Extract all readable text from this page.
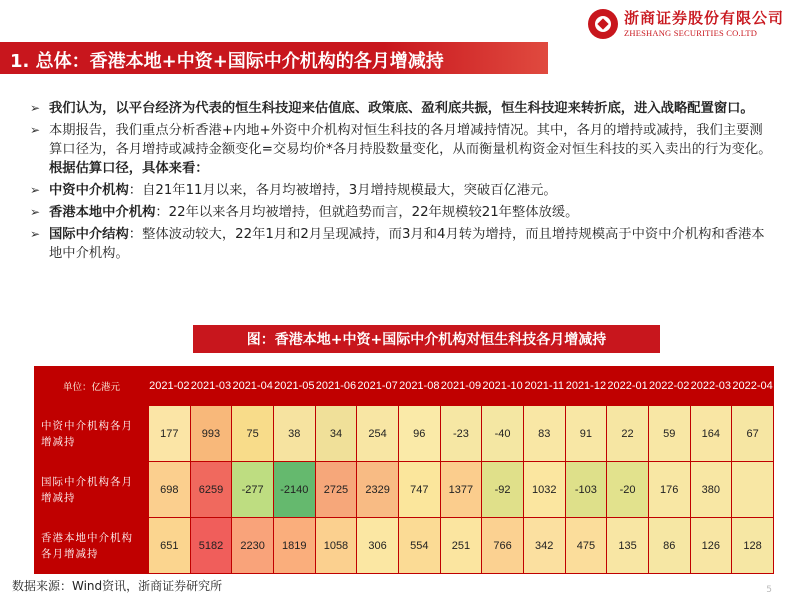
浙商证券股份有限公司
ZHESHANG SECURITIES CO.LTD
1. 总体：香港本地+中资+国际中介机构的各月增减持
➢ 我们认为，以平台经济为代表的恒生科技迎来估值底、政策底、盈利底共振，恒生科技迎来转折底，进入战略配置窗口。
➢ 本期报告，我们重点分析香港+内地+外资中介机构对恒生科技的各月增减持情况。其中，各月的增持或减持，我们主要测算口径为，各月增持或减持金额变化=交易均价*各月持股数量变化，从而衡量机构资金对恒生科技的买入卖出的行为变化。根据估算口径，具体来看：
➢ 中资中介机构：自21年11月以来，各月均被增持，3月增持规模最大，突破百亿港元。
➢ 香港本地中介机构：22年以来各月均被增持，但就趋势而言，22年规模较21年整体放缓。
➢ 国际中介结构：整体波动较大，22年1月和2月呈现减持，而3月和4月转为增持，而且增持规模高于中资中介机构和香港本地中介机构。
图：香港本地+中资+国际中介机构对恒生科技各月增减持
单位：亿港元	2021-02	2021-03	2021-04	2021-05	2021-06	2021-07	2021-08	2021-09	2021-10	2021-11	2021-12	2022-01	2022-02	2022-03	2022-04
中资中介机构各月增减持	177	993	75	38	34	254	96	-23	-40	83	91	22	59	164	67
国际中介机构各月增减持	698	6259	-277	-2140	2725	2329	747	1377	-92	1032	-103	-20	176	380	
香港本地中介机构各月增减持	651	5182	2230	1819	1058	306	554	251	766	342	475	135	86	126	128
数据来源：Wind资讯，浙商证券研究所	5
